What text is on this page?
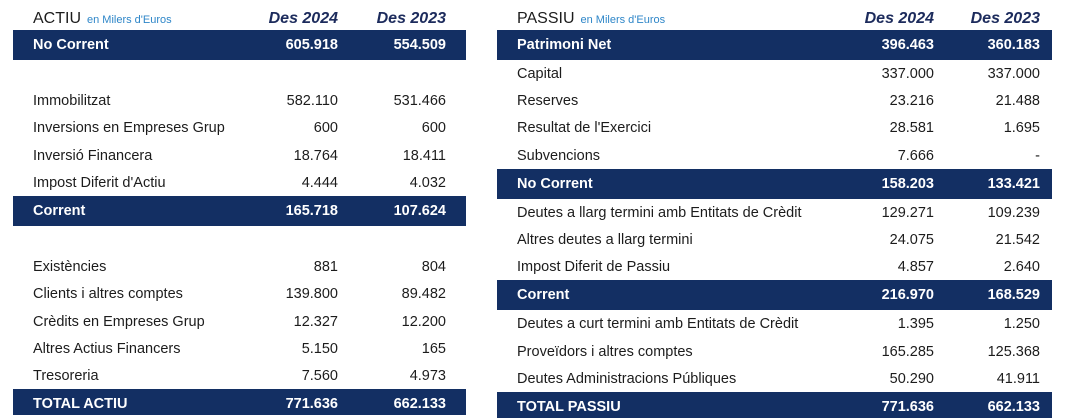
ACTIU en Milers d'Euros	Des 2024 Des 2023
No Corrent	605.918	554.509
Immobilitzat	582.110	531.466
Inversions en Empreses Grup	600	600
Inversió Financera	18.764	18.411
Impost Diferit d'Actiu	4.444	4.032
Corrent	165.718	107.624
Existències	881	804
Clients i altres comptes	139.800	89.482
Crèdits en Empreses Grup	12.327	12.200
Altres Actius Financers	5.150	165
Tresoreria	7.560	4.973
TOTAL ACTIU	771.636	662.133
PASSIU en Milers d'Euros	Des 2024 Des 2023
Patrimoni Net	396.463	360.183
Capital	337.000	337.000
Reserves	23.216	21.488
Resultat de l'Exercici	28.581	1.695
Subvencions	7.666	-
No Corrent	158.203	133.421
Deutes a llarg termini amb Entitats de Crèdit	129.271	109.239
Altres deutes a llarg termini	24.075	21.542
Impost Diferit de Passiu	4.857	2.640
Corrent	216.970	168.529
Deutes a curt termini amb Entitats de Crèdit	1.395	1.250
Proveïdors i altres comptes	165.285	125.368
Deutes Administracions Públiques	50.290	41.911
TOTAL PASSIU	771.636	662.133
